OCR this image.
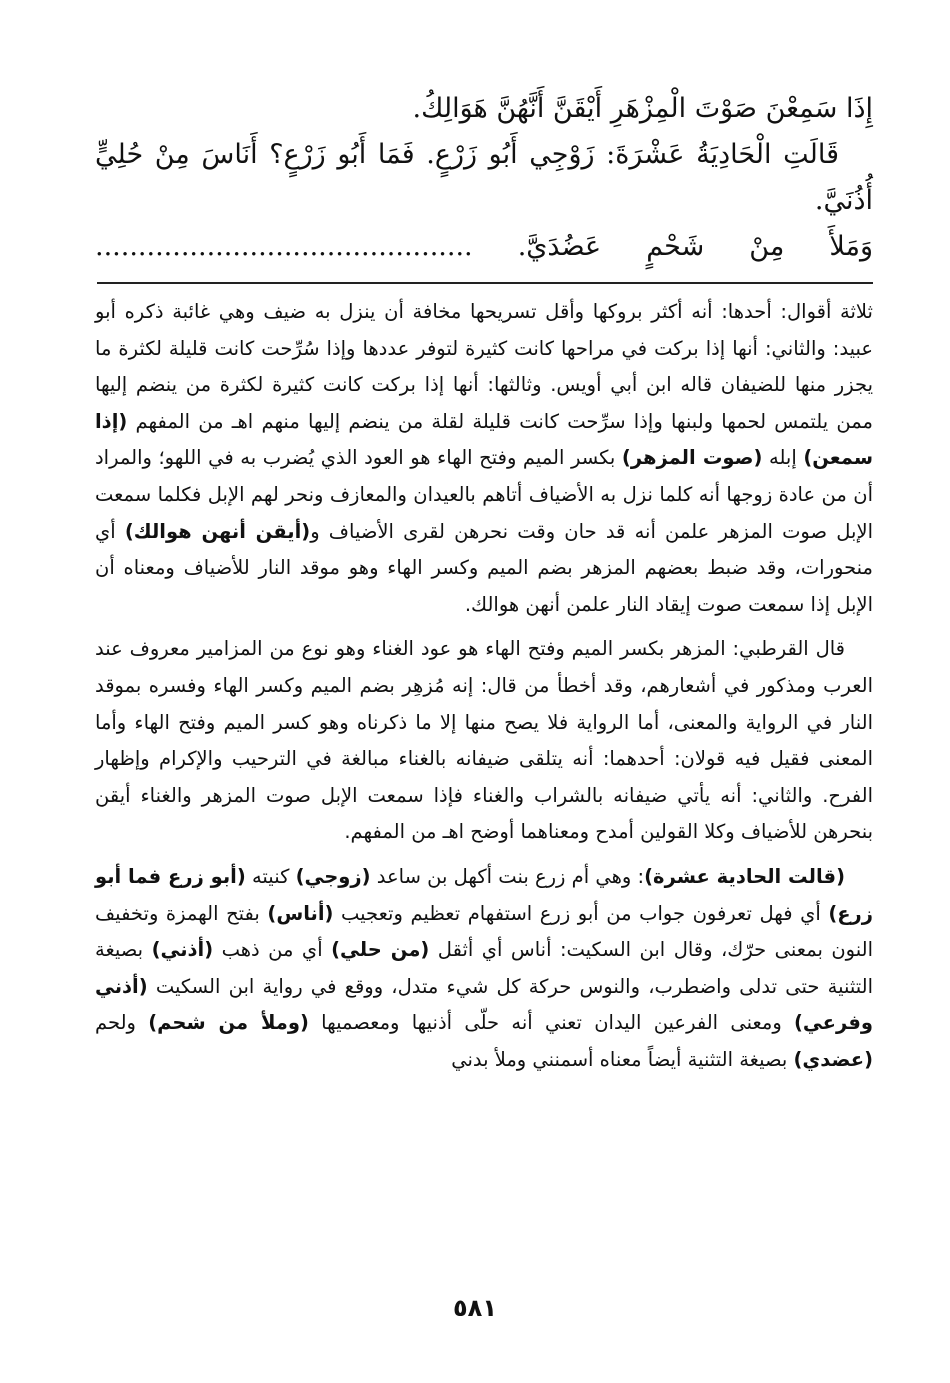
إِذَا سَمِعْنَ صَوْتَ الْمِزْهَرِ أَيْقَنَّ أَنَّهُنَّ هَوَالِكُ.

قَالَتِ الْحَادِيَةُ عَشْرَةَ: زَوْجِي أَبُو زَرْعٍ. فَمَا أَبُو زَرْعٍ؟ أَنَاسَ مِنْ حُلِيٍّ أُذُنَيَّ.

وَمَلأَ مِنْ شَحْمٍ عَضُدَيَّ. ............................................

ثلاثة أقوال: أحدها: أنه أكثر بروكها وأقل تسريحها مخافة أن ينزل به ضيف وهي غائبة ذكره أبو عبيد: والثاني: أنها إذا بركت في مراحها كانت كثيرة لتوفر عددها وإذا سُرِّحت كانت قليلة لكثرة ما يجزر منها للضيفان قاله ابن أبي أويس. وثالثها: أنها إذا بركت كانت كثيرة لكثرة من ينضم إليها ممن يلتمس لحمها ولبنها وإذا سرِّحت كانت قليلة لقلة من ينضم إليها منهم اهـ من المفهم (إذا سمعن) إبله (صوت المزهر) بكسر الميم وفتح الهاء هو العود الذي يُضرب به في اللهو؛ والمراد أن من عادة زوجها أنه كلما نزل به الأضياف أتاهم بالعيدان والمعازف ونحر لهم الإبل فكلما سمعت الإبل صوت المزهر علمن أنه قد حان وقت نحرهن لقرى الأضياف و(أيقن أنهن هوالك) أي منحورات، وقد ضبط بعضهم المزهر بضم الميم وكسر الهاء وهو موقد النار للأضياف ومعناه أن الإبل إذا سمعت صوت إيقاد النار علمن أنهن هوالك.

قال القرطبي: المزهر بكسر الميم وفتح الهاء هو عود الغناء وهو نوع من المزامير معروف عند العرب ومذكور في أشعارهم، وقد أخطأ من قال: إنه مُزهِر بضم الميم وكسر الهاء وفسره بموقد النار في الرواية والمعنى، أما الرواية فلا يصح منها إلا ما ذكرناه وهو كسر الميم وفتح الهاء وأما المعنى فقيل فيه قولان: أحدهما: أنه يتلقى ضيفانه بالغناء مبالغة في الترحيب والإكرام وإظهار الفرح. والثاني: أنه يأتي ضيفانه بالشراب والغناء فإذا سمعت الإبل صوت المزهر والغناء أيقن بنحرهن للأضياف وكلا القولين أمدح ومعناهما أوضح اهـ من المفهم.

(قالت الحادية عشرة): وهي أم زرع بنت أكهل بن ساعد (زوجي) كنيته (أبو زرع فما أبو زرع) أي فهل تعرفون جواب من أبو زرع استفهام تعظيم وتعجيب (أناس) بفتح الهمزة وتخفيف النون بمعنى حرّك، وقال ابن السكيت: أناس أي أثقل (من حلي) أي من ذهب (أذني) بصيغة التثنية حتى تدلى واضطرب، والنوس حركة كل شيء متدل، ووقع في رواية ابن السكيت (أذني وفرعي) ومعنى الفرعين اليدان تعني أنه حلّى أذنيها ومعصميها (وملأ من شحم) ولحم (عضدي) بصيغة التثنية أيضاً معناه أسمنني وملأ بدني

٥٨١
